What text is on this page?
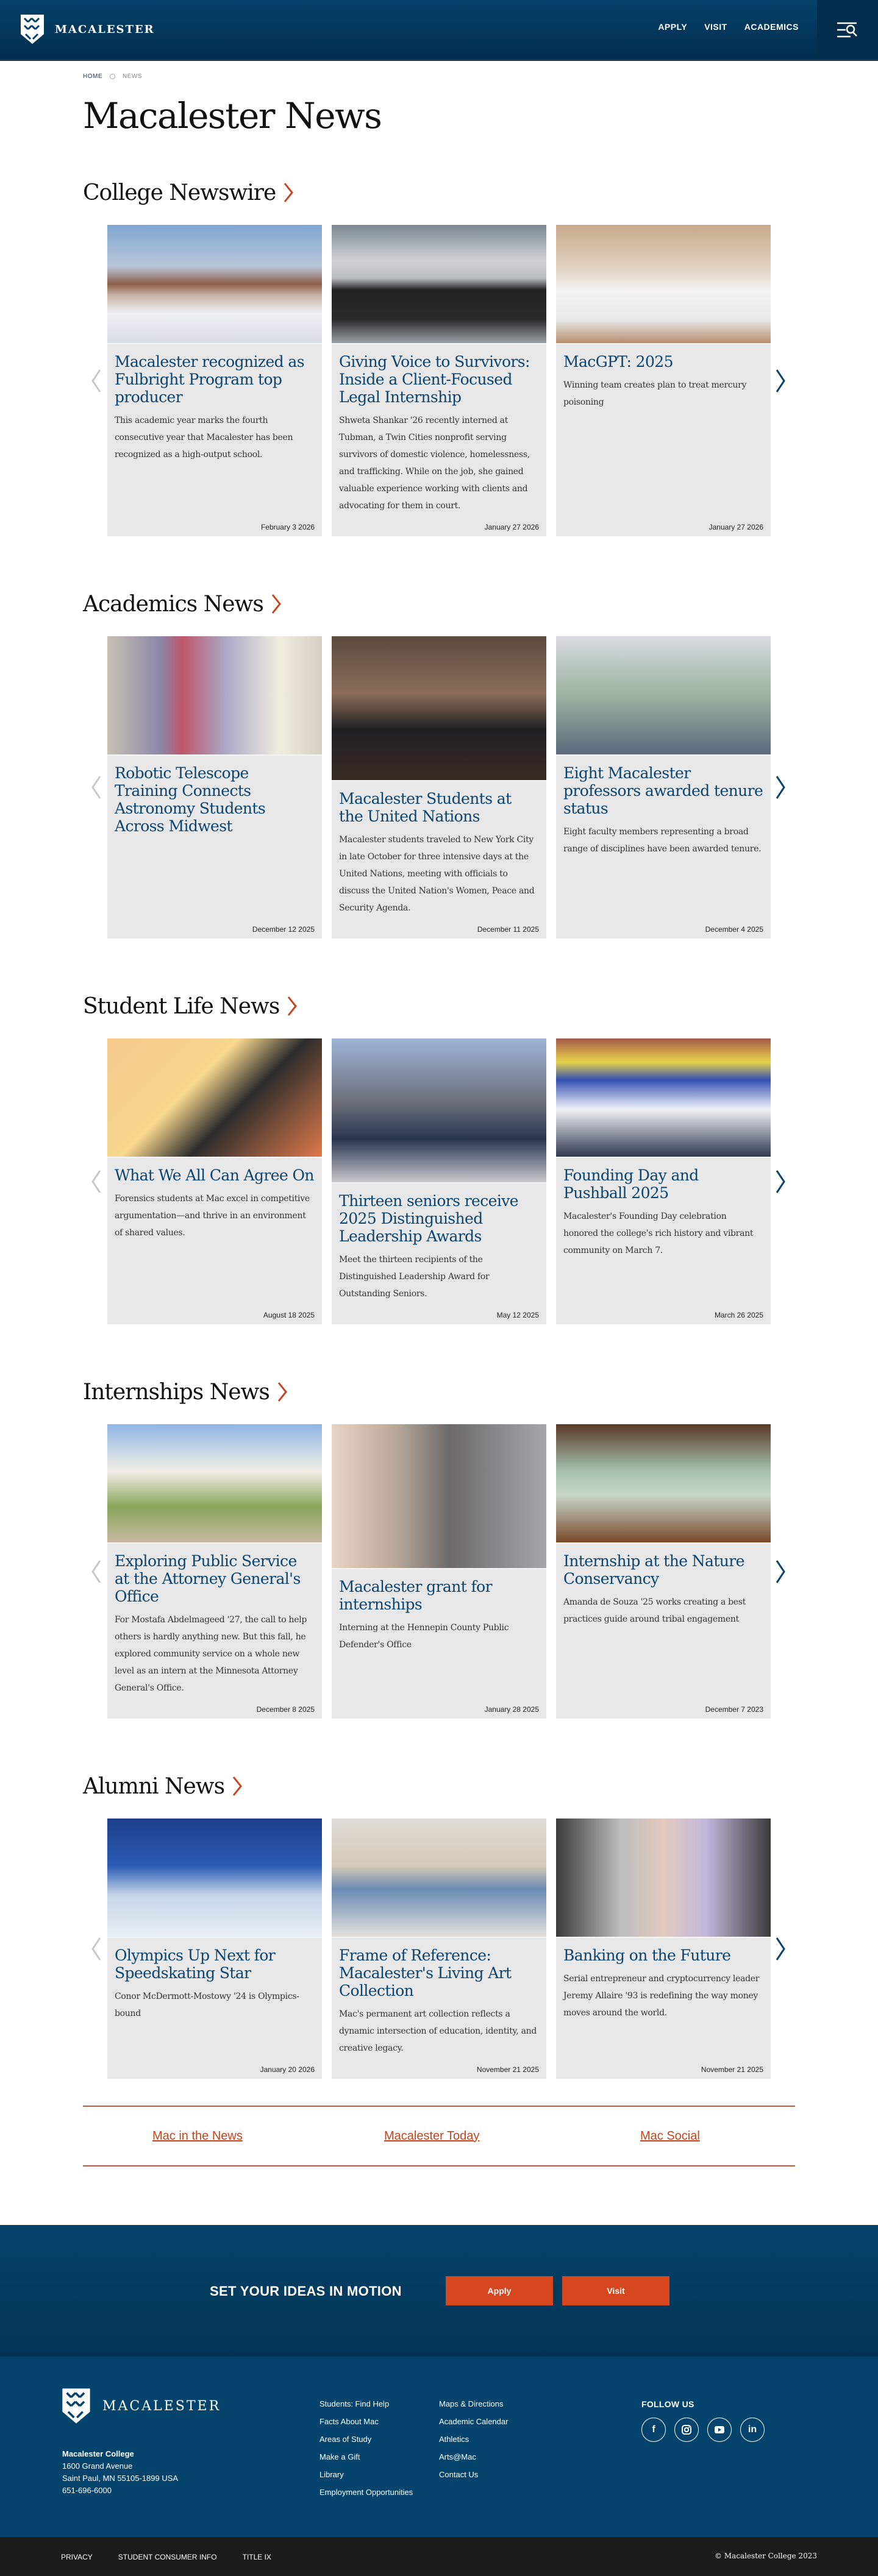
MACALESTER	APPLY VISIT ACADEMICS
HOME	NEWS
Macalester News
College Newswire
Macalester recognized as Fulbright Program top producer

This academic year marks the fourth consecutive year that Macalester has been recognized as a high-output school.

February 3 2026
Giving Voice to Survivors: Inside a Client-Focused Legal Internship

Shweta Shankar '26 recently interned at Tubman, a Twin Cities nonprofit serving survivors of domestic violence, homelessness, and trafficking. While on the job, she gained valuable experience working with clients and advocating for them in court.

January 27 2026
MacGPT: 2025

Winning team creates plan to treat mercury poisoning

January 27 2026
Academics News
Robotic Telescope Training Connects Astronomy Students Across Midwest
December 12 2025
Macalester Students at the United Nations

Macalester students traveled to New York City in late October for three intensive days at the United Nations, meeting with officials to discuss the United Nation's Women, Peace and Security Agenda.

December 11 2025
Eight Macalester professors awarded tenure status

Eight faculty members representing a broad range of disciplines have been awarded tenure.

December 4 2025
Student Life News
What We All Can Agree On

Forensics students at Mac excel in competitive argumentation—and thrive in an environment of shared values.

August 18 2025
Thirteen seniors receive 2025 Distinguished Leadership Awards

Meet the thirteen recipients of the Distinguished Leadership Award for Outstanding Seniors.

May 12 2025
Founding Day and Pushball 2025

Macalester's Founding Day celebration honored the college's rich history and vibrant community on March 7.

March 26 2025
Internships News
Exploring Public Service at the Attorney General's Office

For Mostafa Abdelmageed '27, the call to help others is hardly anything new. But this fall, he explored community service on a whole new level as an intern at the Minnesota Attorney General's Office.

December 8 2025
Macalester grant for internships

Interning at the Hennepin County Public Defender's Office

January 28 2025
Internship at the Nature Conservancy

Amanda de Souza '25 works creating a best practices guide around tribal engagement

December 7 2023
Alumni News
Olympics Up Next for Speedskating Star

Conor McDermott-Mostowy '24 is Olympics-bound

January 20 2026
Frame of Reference: Macalester's Living Art Collection

Mac's permanent art collection reflects a dynamic intersection of education, identity, and creative legacy.

November 21 2025
Banking on the Future

Serial entrepreneur and cryptocurrency leader Jeremy Allaire '93 is redefining the way money moves around the world.

November 21 2025
Mac in the News	Macalester Today	Mac Social
SET YOUR IDEAS IN MOTION	Apply	Visit
MACALESTER
Macalester College
1600 Grand Avenue
Saint Paul, MN 55105-1899 USA
651-696-6000
Students: Find Help
Facts About Mac
Areas of Study
Make a Gift
Library
Employment Opportunities
Maps & Directions
Academic Calendar
Athletics
Arts@Mac
Contact Us
FOLLOW US
f	in
PRIVACY	STUDENT CONSUMER INFO	TITLE IX	© Macalester College 2023
